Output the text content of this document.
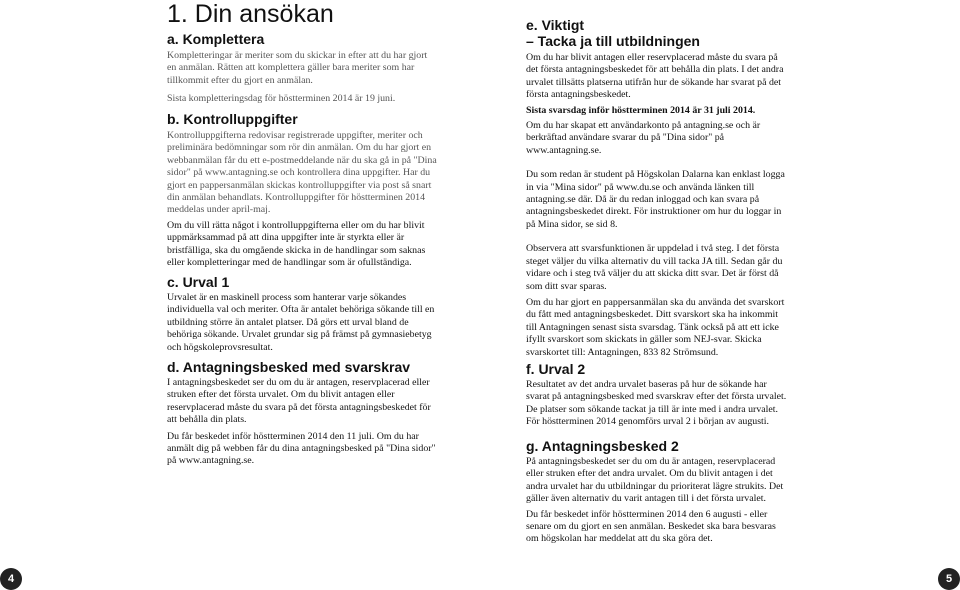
1. Din ansökan
a. Komplettera

Kompletteringar är meriter som du skickar in efter att du har gjort en anmälan. Rätten att komplettera gäller bara meriter som har tillkommit efter du gjort en anmälan.

Sista kompletteringsdag för höstterminen 2014 är 19 juni.

b. Kontrolluppgifter

Kontrolluppgifterna redovisar registrerade uppgifter, meriter och preliminära bedömningar som rör din anmälan. Om du har gjort en webbanmälan får du ett e-postmeddelande när du ska gå in på "Dina sidor" på www.antagning.se och kontrollera dina uppgifter. Har du gjort en pappersanmälan skickas kontrolluppgifter via post så snart din anmälan behandlats. Kontrolluppgifter för höstterminen 2014 meddelas under april-maj.

Om du vill rätta något i kontrolluppgifterna eller om du har blivit uppmärksammad på att dina uppgifter inte är styrkta eller är bristfälliga, ska du omgående skicka in de handlingar som saknas eller kompletteringar med de handlingar som är ofullständiga.

c. Urval 1

Urvalet är en maskinell process som hanterar varje sökandes individuella val och meriter. Ofta är antalet behöriga sökande till en utbildning större än antalet platser. Då görs ett urval bland de behöriga sökande. Urvalet grundar sig på främst på gymnasiebetyg och högskoleprovsresultat.

d. Antagningsbesked med svarskrav

I antagningsbeskedet ser du om du är antagen, reservplacerad eller struken efter det första urvalet. Om du blivit antagen eller reservplacerad måste du svara på det första antagningsbeskedet för att behålla din plats.

Du får beskedet inför höstterminen 2014 den 11 juli. Om du har anmält dig på webben får du dina antagningsbesked på "Dina sidor" på www.antagning.se.

e. Viktigt
– Tacka ja till utbildningen

Om du har blivit antagen eller reservplacerad måste du svara på det första antagningsbeskedet för att behålla din plats. I det andra urvalet tillsätts platserna utifrån hur de sökande har svarat på det första antagningsbeskedet.

Sista svarsdag inför höstterminen 2014 är 31 juli 2014.

Om du har skapat ett användarkonto på antagning.se och är berkräftad användare svarar du på "Dina sidor" på www.antagning.se.

Du som redan är student på Högskolan Dalarna kan enklast logga in via "Mina sidor" på www.du.se och använda länken till antagning.se där. Då är du redan inloggad och kan svara på antagningsbeskedet direkt. För instruktioner om hur du loggar in på Mina sidor, se sid 8.

Observera att svarsfunktionen är uppdelad i två steg. I det första steget väljer du vilka alternativ du vill tacka JA till. Sedan går du vidare och i steg två väljer du att skicka ditt svar. Det är först då som ditt svar sparas.

Om du har gjort en pappersanmälan ska du använda det svarskort du fått med antagningsbeskedet. Ditt svarskort ska ha inkommit till Antagningen senast sista svarsdag. Tänk också på att ett icke ifyllt svarskort som skickats in gäller som NEJ-svar. Skicka svarskortet till: Antagningen, 833 82 Strömsund.

f. Urval 2

Resultatet av det andra urvalet baseras på hur de sökande har svarat på antagningsbesked med svarskrav efter det första urvalet. De platser som sökande tackat ja till är inte med i andra urvalet. För höstterminen 2014 genomförs urval 2 i början av augusti.

g. Antagningsbesked 2

På antagningsbeskedet ser du om du är antagen, reservplacerad eller struken efter det andra urvalet. Om du blivit antagen i det andra urvalet har du utbildningar du prioriterat lägre strukits. Det gäller även alternativ du varit antagen till i det första urvalet.

Du får beskedet inför höstterminen 2014 den 6 augusti - eller senare om du gjort en sen anmälan. Beskedet ska bara besvaras om högskolan har meddelat att du ska göra det.

4	5
